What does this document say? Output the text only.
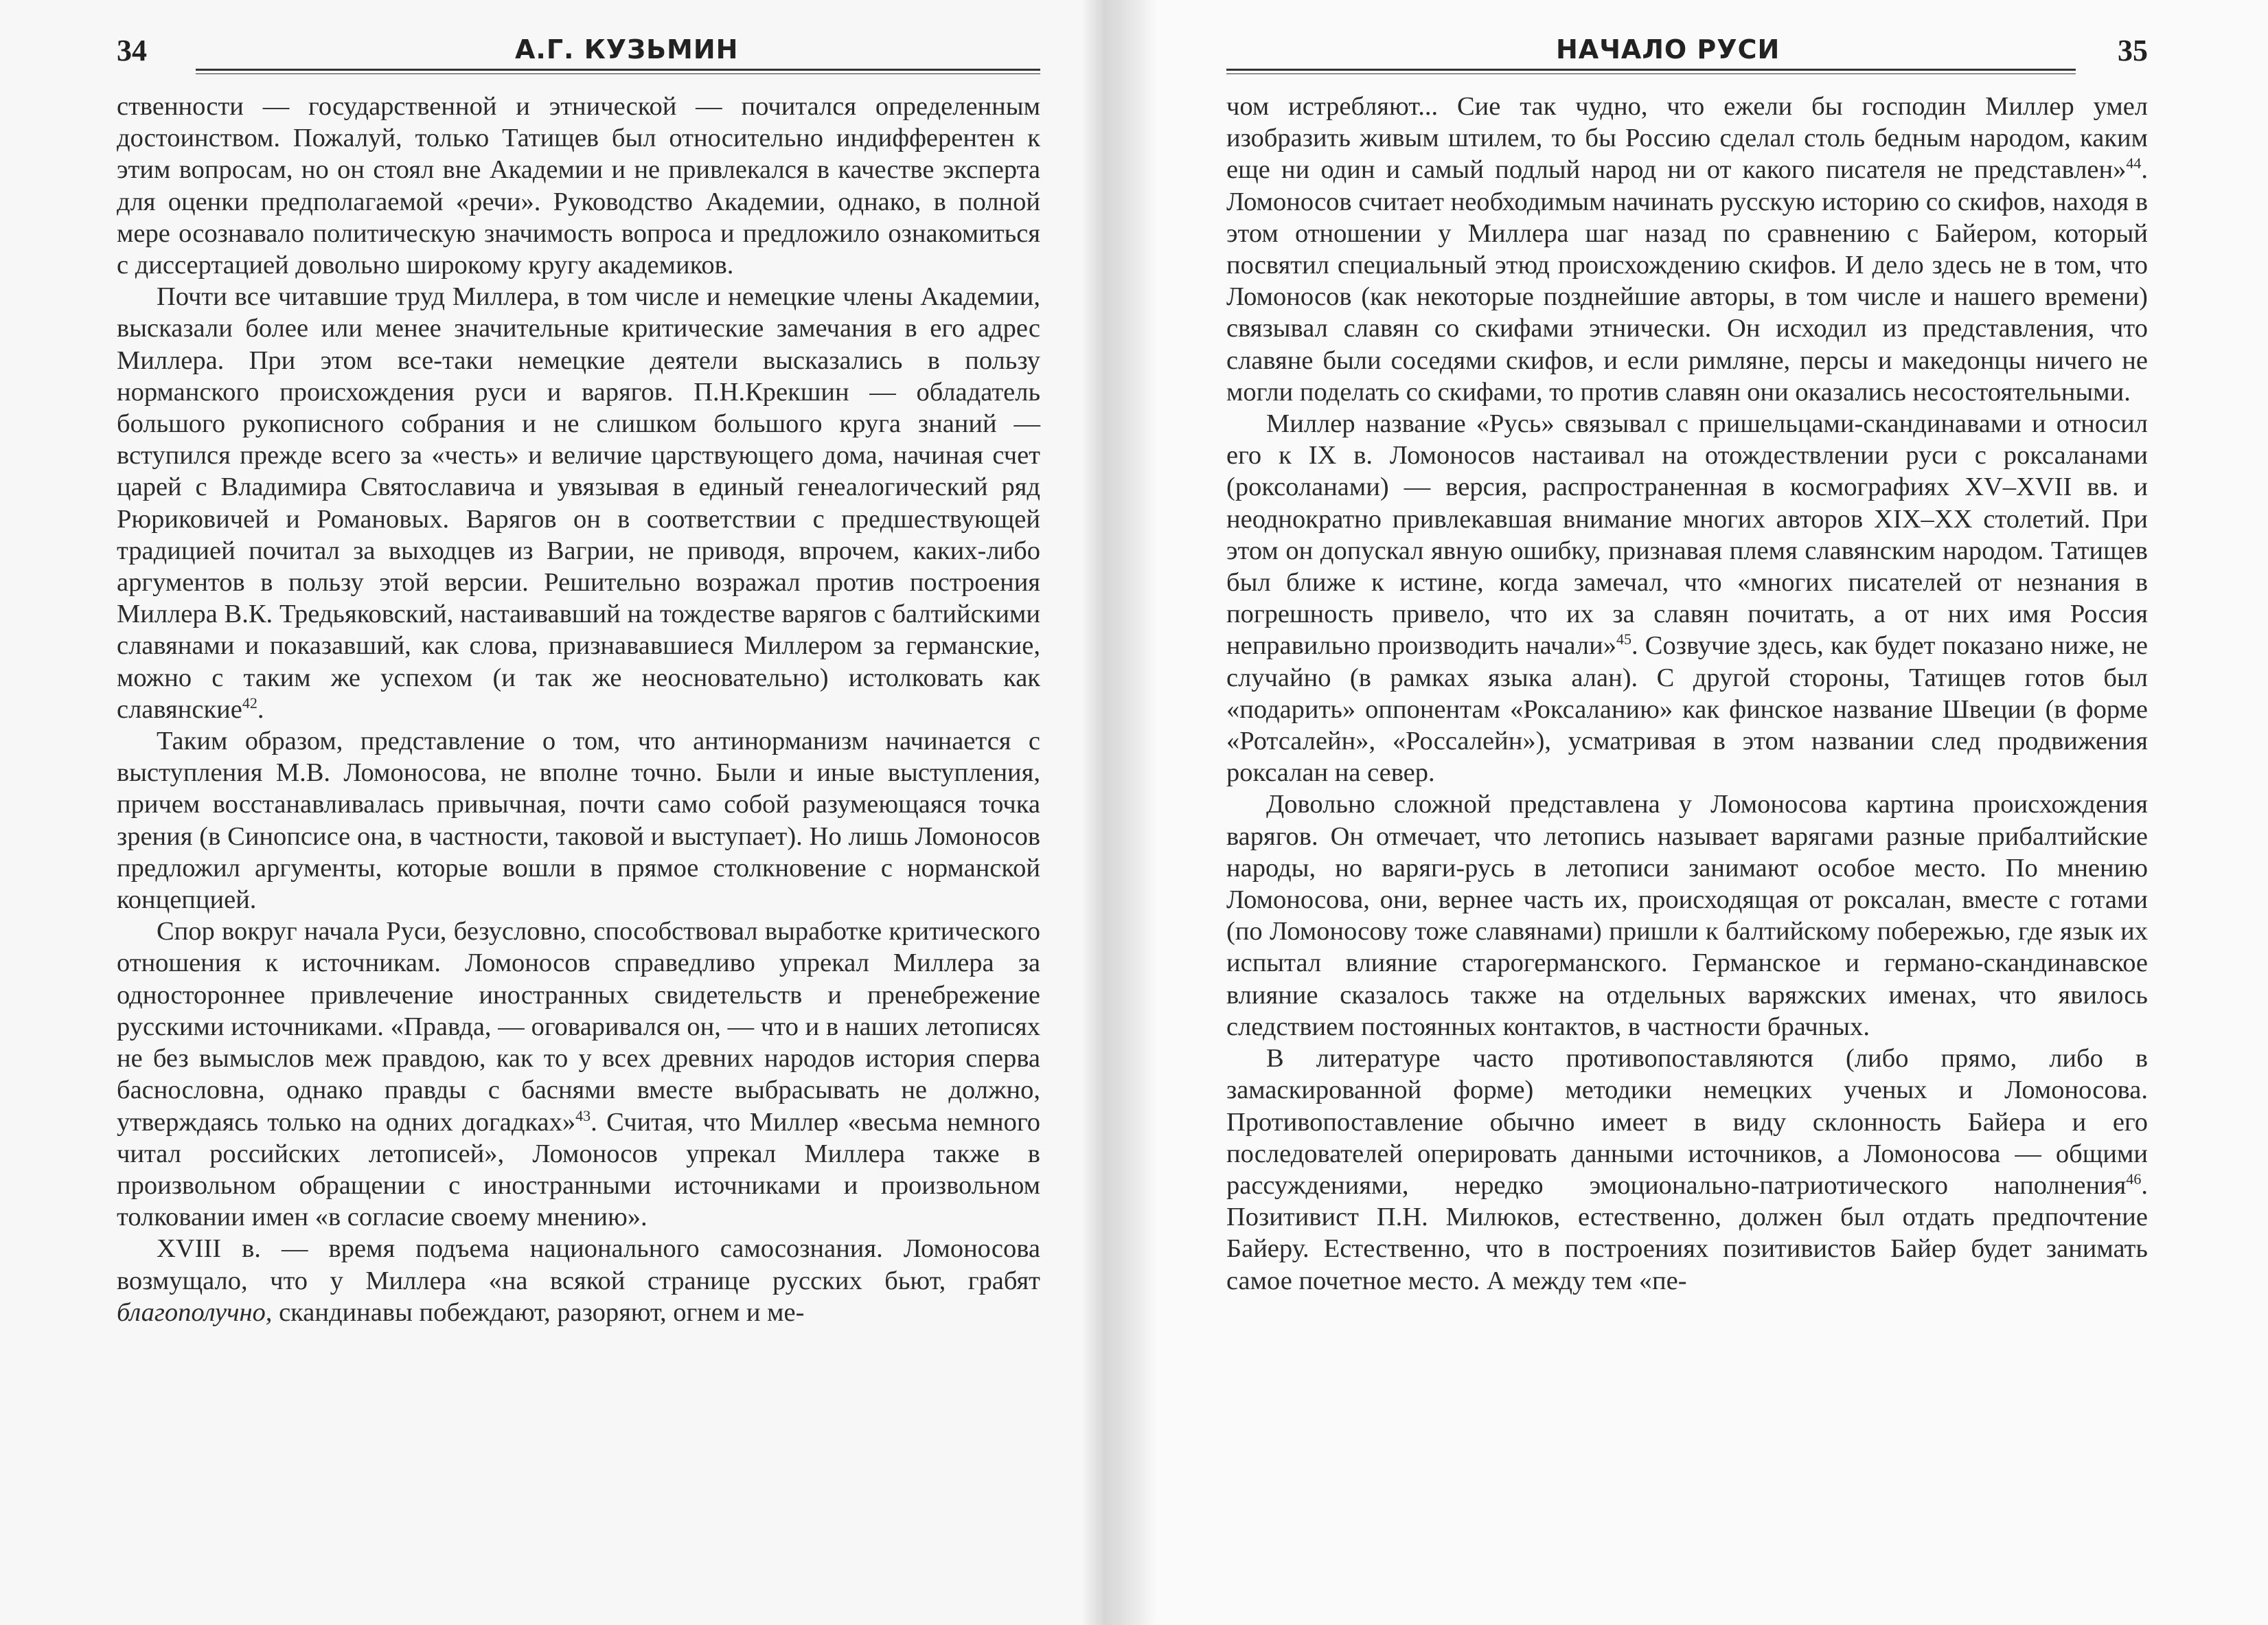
34	А.Г. КУЗЬМИН

ственности — государственной и этнической — почитался определенным достоинством. Пожалуй, только Татищев был относительно индифферентен к этим вопросам, но он стоял вне Академии и не привлекался в качестве эксперта для оценки предполагаемой «речи». Руководство Академии, однако, в полной мере осознавало политическую значимость вопроса и предложило ознакомиться с диссертацией довольно широкому кругу академиков.

Почти все читавшие труд Миллера, в том числе и немецкие члены Академии, высказали более или менее значительные критические замечания в его адрес Миллера. При этом все-таки немецкие деятели высказались в пользу норманского происхождения руси и варягов. П.Н.Крекшин — обладатель большого рукописного собрания и не слишком большого круга знаний — вступился прежде всего за «честь» и величие царствующего дома, начиная счет царей с Владимира Святославича и увязывая в единый генеалогический ряд Рюриковичей и Романовых. Варягов он в соответствии с предшествующей традицией почитал за выходцев из Вагрии, не приводя, впрочем, каких-либо аргументов в пользу этой версии. Решительно возражал против построения Миллера В.К. Тредьяковский, настаивавший на тождестве варягов с балтийскими славянами и показавший, как слова, признававшиеся Миллером за германские, можно с таким же успехом (и так же неосновательно) истолковать как славянские$^{42}$.

Таким образом, представление о том, что антинорманизм начинается с выступления М.В. Ломоносова, не вполне точно. Были и иные выступления, причем восстанавливалась привычная, почти само собой разумеющаяся точка зрения (в Синопсисе она, в частности, таковой и выступает). Но лишь Ломоносов предложил аргументы, которые вошли в прямое столкновение с норманской концепцией.

Спор вокруг начала Руси, безусловно, способствовал выработке критического отношения к источникам. Ломоносов справедливо упрекал Миллера за одностороннее привлечение иностранных свидетельств и пренебрежение русскими источниками. «Правда, — оговаривался он, — что и в наших летописях не без вымыслов меж правдою, как то у всех древних народов история сперва баснословна, однако правды с баснями вместе выбрасывать не должно, утверждаясь только на одних догадках»$^{43}$. Считая, что Миллер «весьма немного читал российских летописей», Ломоносов упрекал Миллера также в произвольном обращении с иностранными источниками и произвольном толковании имен «в согласие своему мнению».

XVIII в. — время подъема национального самосознания. Ломоносова возмущало, что у Миллера «на всякой странице русских бьют, грабят благополучно, скандинавы побеждают, разоряют, огнем и ме-

НАЧАЛО РУСИ	35

чом истребляют... Сие так чудно, что ежели бы господин Миллер умел изобразить живым штилем, то бы Россию сделал столь бедным народом, каким еще ни один и самый подлый народ ни от какого писателя не представлен»$^{44}$. Ломоносов считает необходимым начинать русскую историю со скифов, находя в этом отношении у Миллера шаг назад по сравнению с Байером, который посвятил специальный этюд происхождению скифов. И дело здесь не в том, что Ломоносов (как некоторые позднейшие авторы, в том числе и нашего времени) связывал славян со скифами этнически. Он исходил из представления, что славяне были соседями скифов, и если римляне, персы и македонцы ничего не могли поделать со скифами, то против славян они оказались несостоятельными.

Миллер название «Русь» связывал с пришельцами-скандинавами и относил его к IX в. Ломоносов настаивал на отождествлении руси с роксаланами (роксоланами) — версия, распространенная в космографиях XV–XVII вв. и неоднократно привлекавшая внимание многих авторов XIX–XX столетий. При этом он допускал явную ошибку, признавая племя славянским народом. Татищев был ближе к истине, когда замечал, что «многих писателей от незнания в погрешность привело, что их за славян почитать, а от них имя Россия неправильно производить начали»$^{45}$. Созвучие здесь, как будет показано ниже, не случайно (в рамках языка алан). С другой стороны, Татищев готов был «подарить» оппонентам «Роксаланию» как финское название Швеции (в форме «Ротсалейн», «Россалейн»), усматривая в этом названии след продвижения роксалан на север.

Довольно сложной представлена у Ломоносова картина происхождения варягов. Он отмечает, что летопись называет варягами разные прибалтийские народы, но варяги-русь в летописи занимают особое место. По мнению Ломоносова, они, вернее часть их, происходящая от роксалан, вместе с готами (по Ломоносову тоже славянами) пришли к балтийскому побережью, где язык их испытал влияние старогерманского. Германское и германо-скандинавское влияние сказалось также на отдельных варяжских именах, что явилось следствием постоянных контактов, в частности брачных.

В литературе часто противопоставляются (либо прямо, либо в замаскированной форме) методики немецких ученых и Ломоносова. Противопоставление обычно имеет в виду склонность Байера и его последователей оперировать данными источников, а Ломоносова — общими рассуждениями, нередко эмоционально-патриотического наполнения$^{46}$. Позитивист П.Н. Милюков, естественно, должен был отдать предпочтение Байеру. Естественно, что в построениях позитивистов Байер будет занимать самое почетное место. А между тем «пе-
